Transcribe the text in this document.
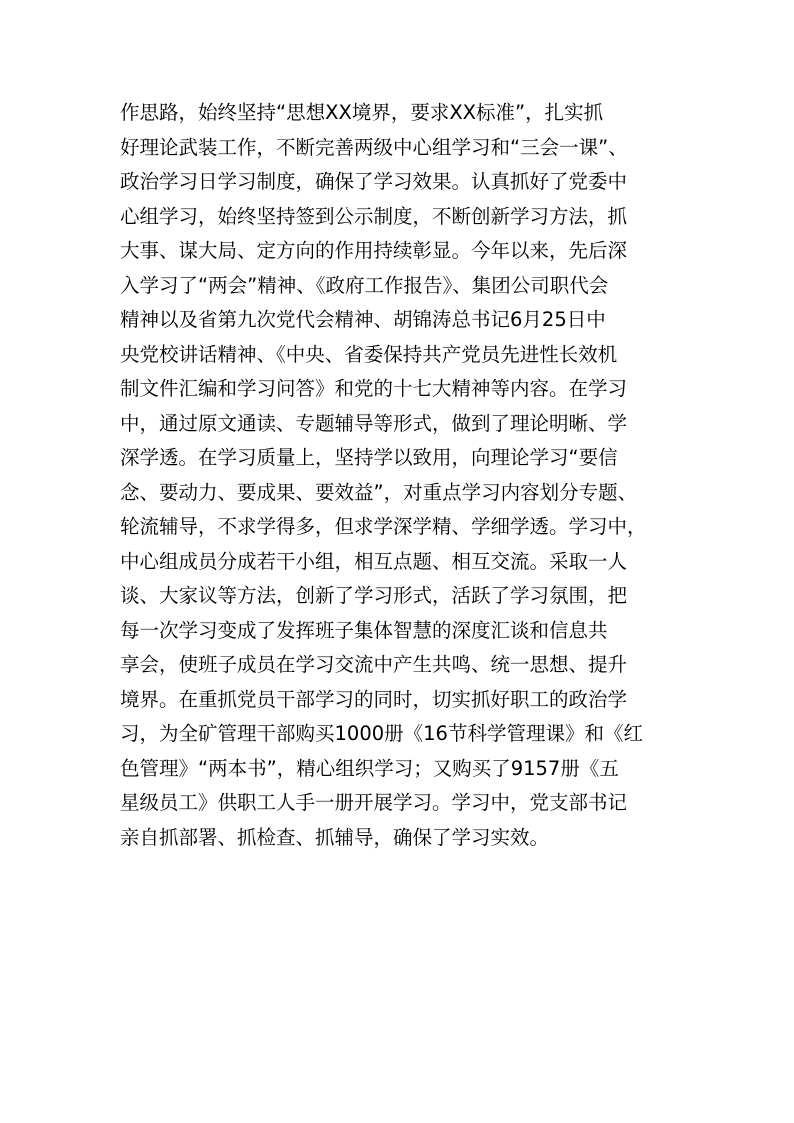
作思路，始终坚持“思想XX境界，要求XX标准”，扎实抓
好理论武装工作，不断完善两级中心组学习和“三会一课”、
政治学习日学习制度，确保了学习效果。认真抓好了党委中
心组学习，始终坚持签到公示制度，不断创新学习方法，抓
大事、谋大局、定方向的作用持续彰显。今年以来，先后深
入学习了“两会”精神、《政府工作报告》、集团公司职代会
精神以及省第九次党代会精神、胡锦涛总书记6月25日中
央党校讲话精神、《中央、省委保持共产党员先进性长效机
制文件汇编和学习问答》和党的十七大精神等内容。在学习
中，通过原文通读、专题辅导等形式，做到了理论明晰、学
深学透。在学习质量上，坚持学以致用，向理论学习“要信
念、要动力、要成果、要效益”，对重点学习内容划分专题、
轮流辅导，不求学得多，但求学深学精、学细学透。学习中，
中心组成员分成若干小组，相互点题、相互交流。采取一人
谈、大家议等方法，创新了学习形式，活跃了学习氛围，把
每一次学习变成了发挥班子集体智慧的深度汇谈和信息共
享会，使班子成员在学习交流中产生共鸣、统一思想、提升
境界。在重抓党员干部学习的同时，切实抓好职工的政治学
习，为全矿管理干部购买1000册《16节科学管理课》和《红
色管理》“两本书”，精心组织学习；又购买了9157册《五
星级员工》供职工人手一册开展学习。学习中，党支部书记
亲自抓部署、抓检查、抓辅导，确保了学习实效。
